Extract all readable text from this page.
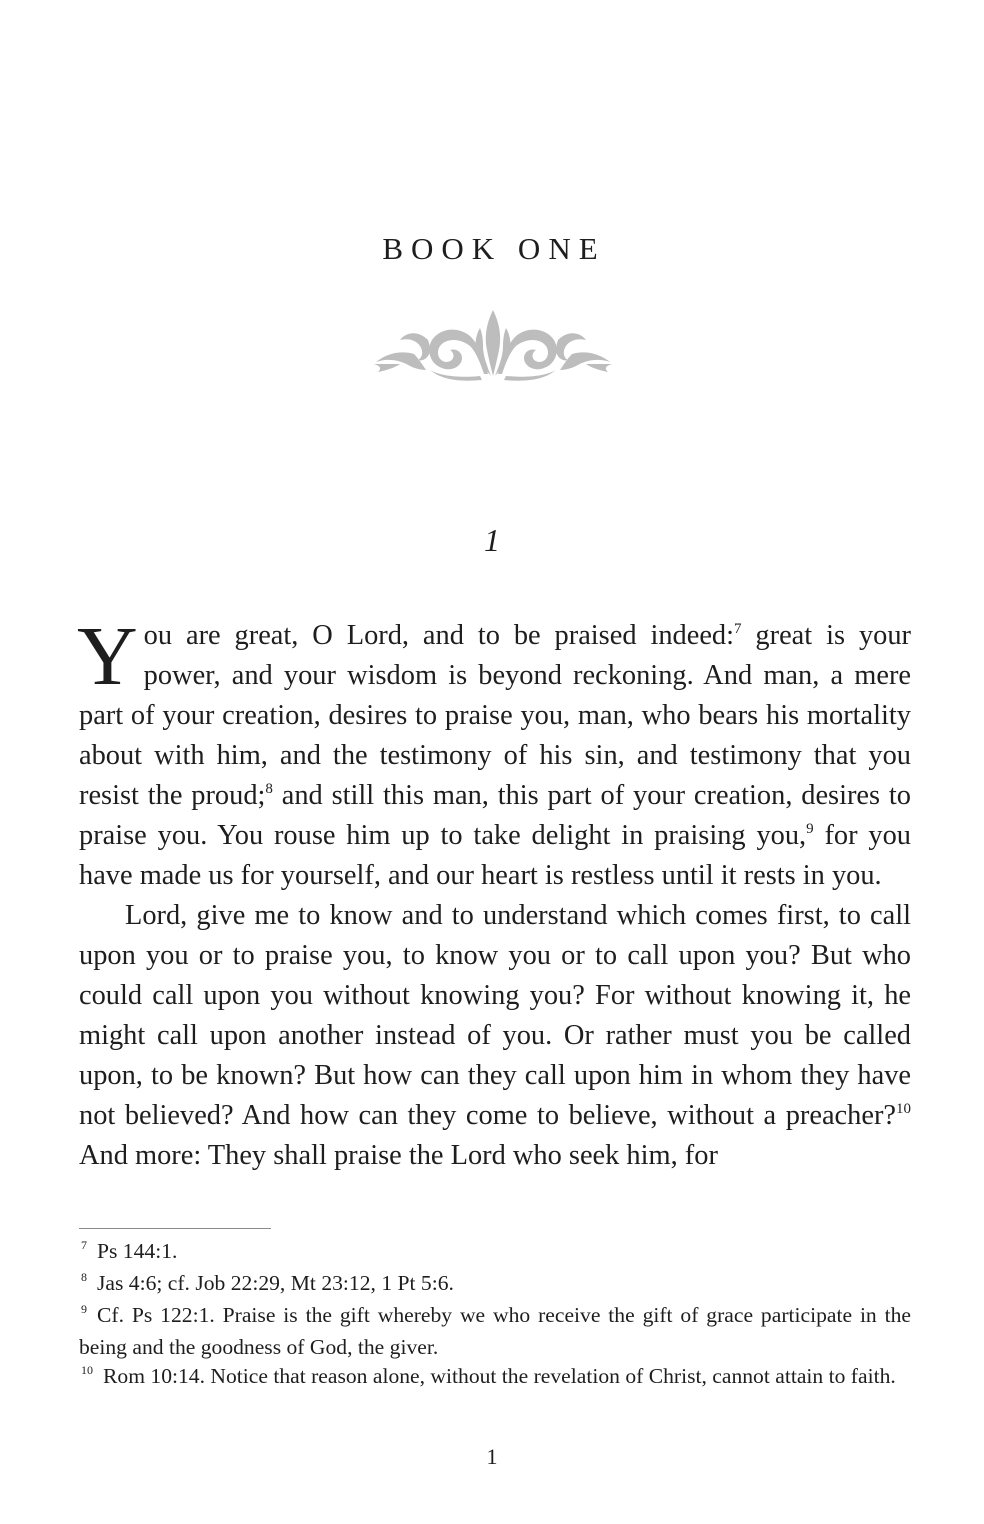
BOOK ONE
1

You are great, O Lord, and to be praised indeed:$^7$ great is your power, and your wisdom is beyond reckoning. And man, a mere part of your creation, desires to praise you, man, who bears his mortality about with him, and the testimony of his sin, and testimony that you resist the proud;$^8$ and still this man, this part of your creation, desires to praise you. You rouse him up to take delight in praising you,$^9$ for you have made us for yourself, and our heart is restless until it rests in you.

Lord, give me to know and to understand which comes first, to call upon you or to praise you, to know you or to call upon you? But who could call upon you without knowing you? For without knowing it, he might call upon another instead of you. Or rather must you be called upon, to be known? But how can they call upon him in whom they have not believed? And how can they come to believe, without a preacher?$^{10}$ And more: They shall praise the Lord who seek him, for

$^7$ Ps 144:1.

$^8$ Jas 4:6; cf. Job 22:29, Mt 23:12, 1 Pt 5:6.

$^9$ Cf. Ps 122:1. Praise is the gift whereby we who receive the gift of grace participate in the being and the goodness of God, the giver.

$^{10}$ Rom 10:14. Notice that reason alone, without the revelation of Christ, cannot attain to faith.

1
